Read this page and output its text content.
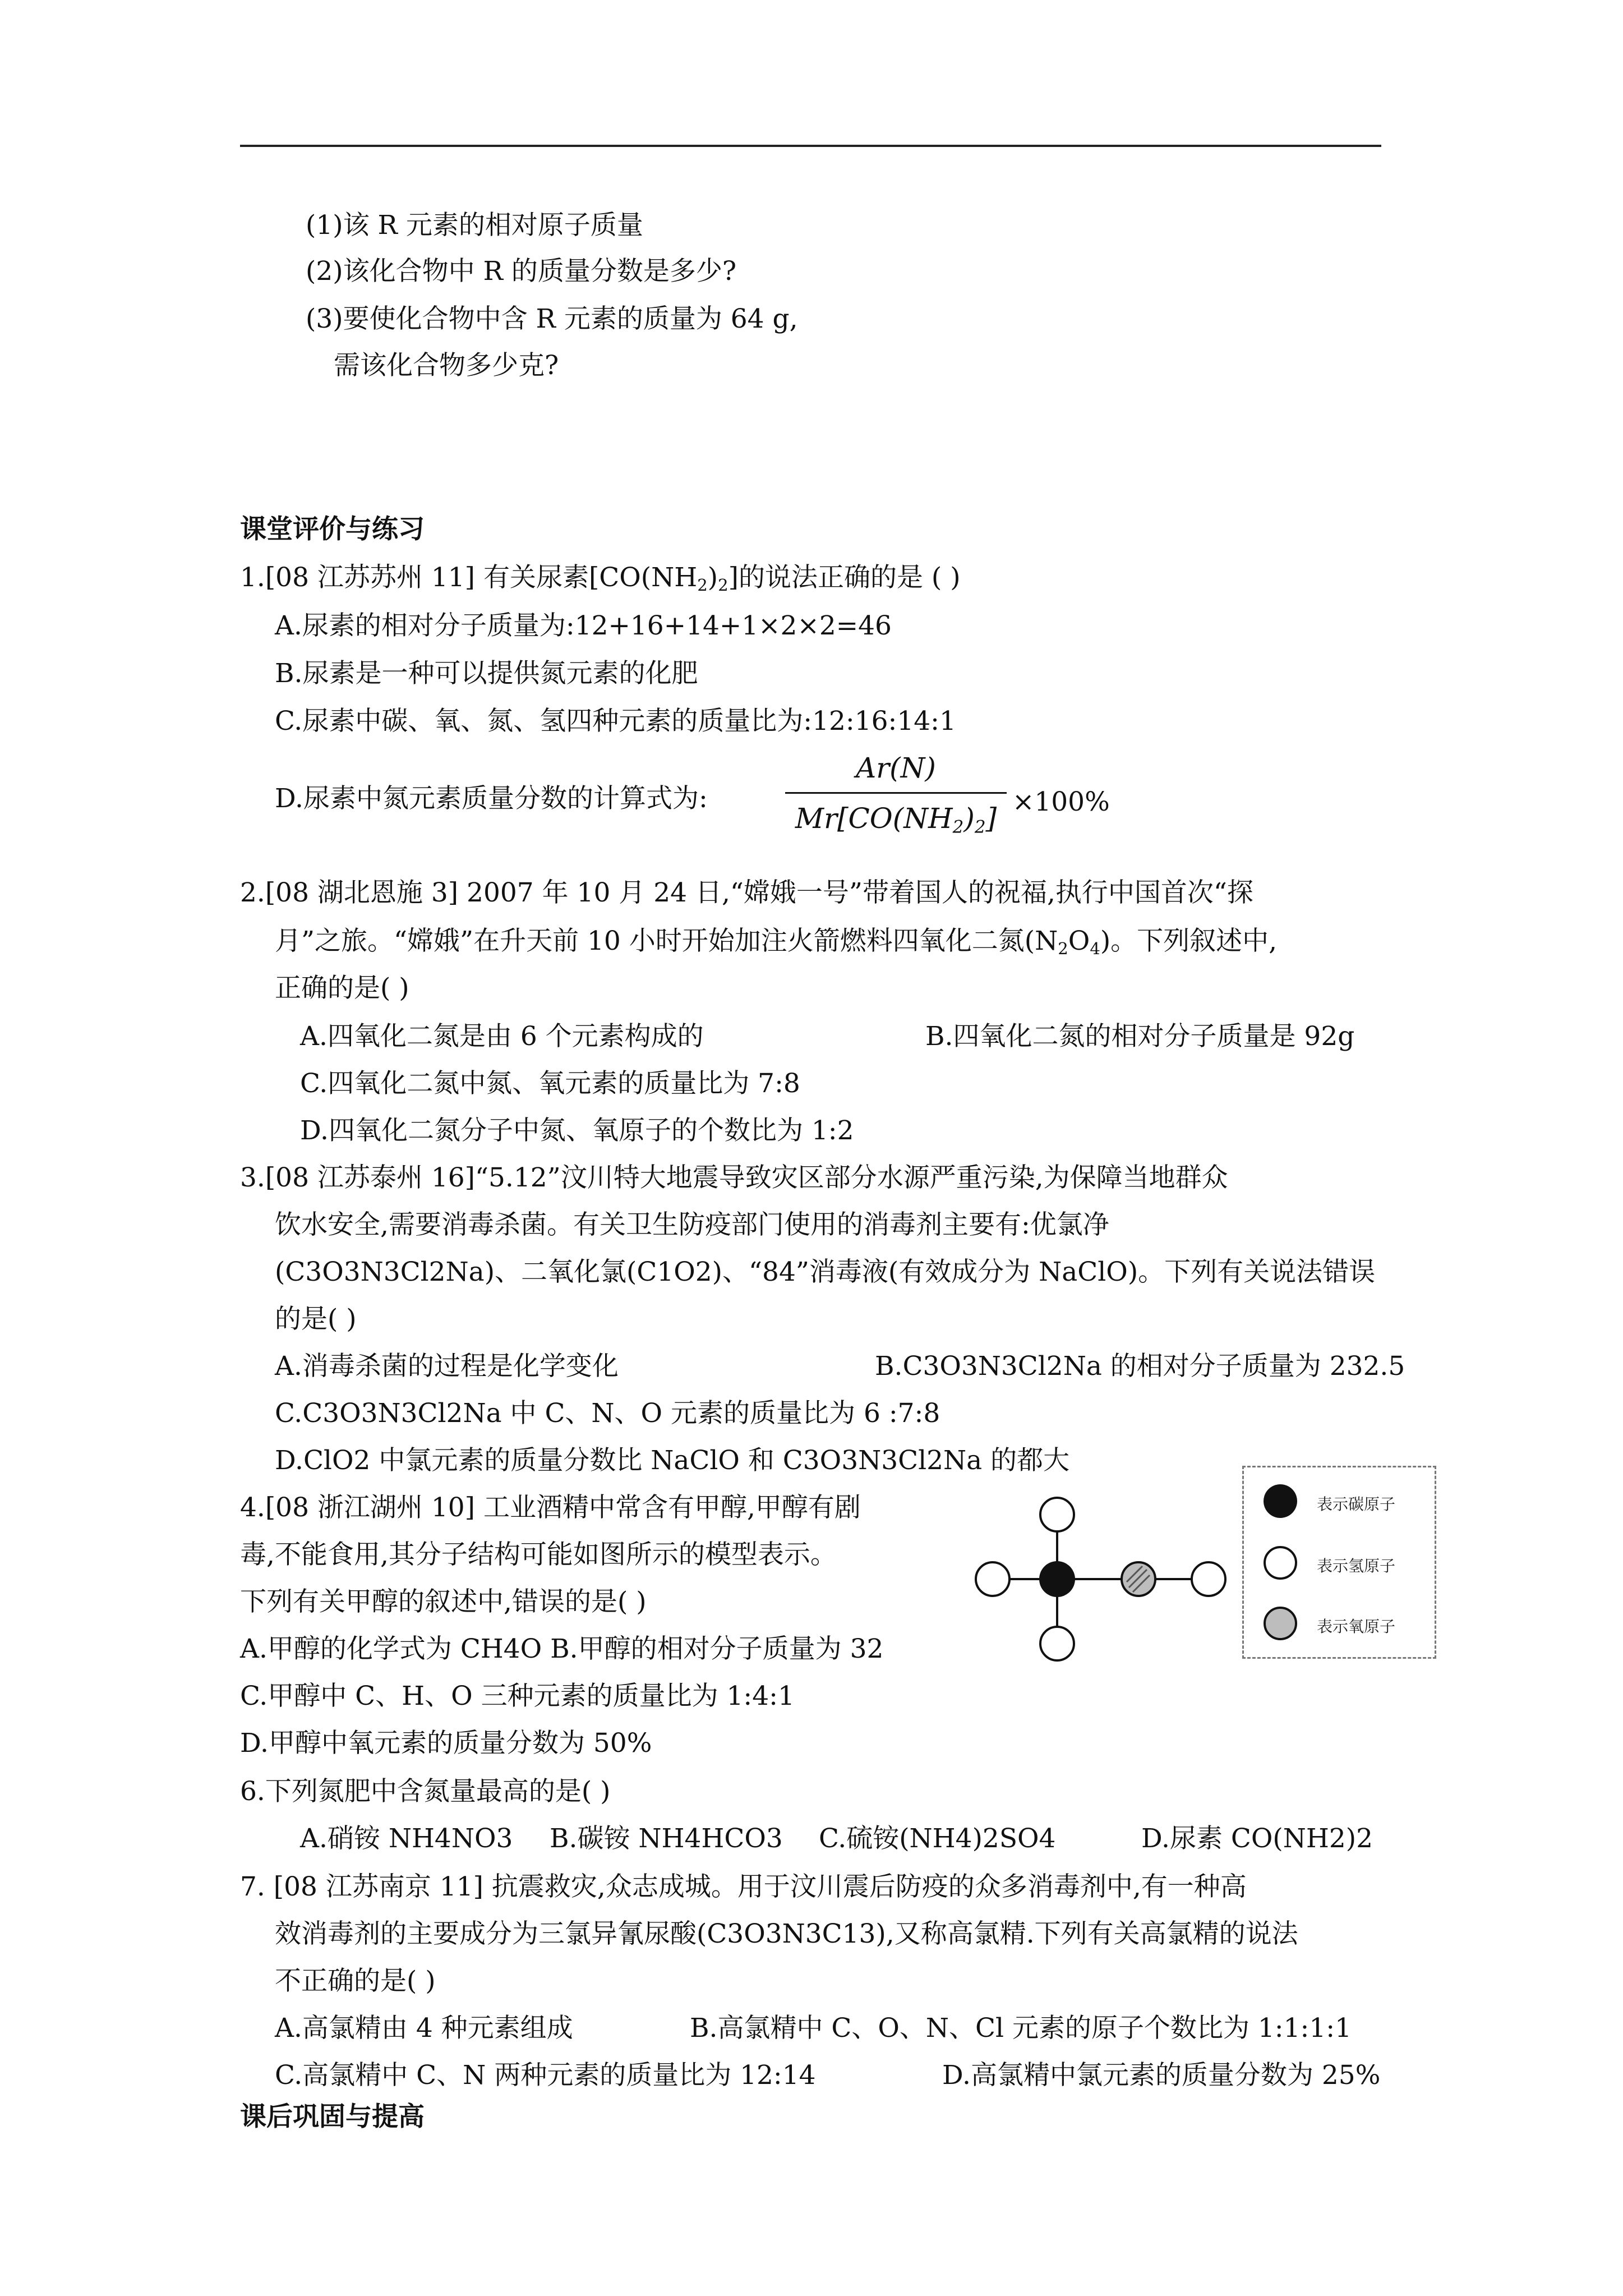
(1)该 R 元素的相对原子质量
(2)该化合物中 R 的质量分数是多少?
(3)要使化合物中含 R 元素的质量为 64 g,
需该化合物多少克?
课堂评价与练习
1.[08 江苏苏州 11] 有关尿素$[CO(NH_2)_2]$的说法正确的是 ( )
A.尿素的相对分子质量为:12+16+14+1×2×2=46
B.尿素是一种可以提供氮元素的化肥
C.尿素中碳、氧、氮、氢四种元素的质量比为:12:16:14:1
D.尿素中氮元素质量分数的计算式为:
Ar(N)
$Mr[CO(NH_2)_2]$
×100%
2.[08 湖北恩施 3] 2007 年 10 月 24 日,“嫦娥一号”带着国人的祝福,执行中国首次“探
月”之旅。“嫦娥”在升天前 10 小时开始加注火箭燃料四氧化二氮$(N_2O_4)$。下列叙述中,
正确的是( )
A.四氧化二氮是由 6 个元素构成的	B.四氧化二氮的相对分子质量是 92g
C.四氧化二氮中氮、氧元素的质量比为 7:8
D.四氧化二氮分子中氮、氧原子的个数比为 1:2
3.[08 江苏泰州 16]“5.12”汶川特大地震导致灾区部分水源严重污染,为保障当地群众
饮水安全,需要消毒杀菌。有关卫生防疫部门使用的消毒剂主要有:优氯净
(C3O3N3Cl2Na)、二氧化氯(C1O2)、“84”消毒液(有效成分为 NaClO)。下列有关说法错误
的是( )
A.消毒杀菌的过程是化学变化	B.C3O3N3Cl2Na 的相对分子质量为 232.5
C.C3O3N3Cl2Na 中 C、N、O 元素的质量比为 6 :7:8
D.ClO2 中氯元素的质量分数比 NaClO 和 C3O3N3Cl2Na 的都大
4.[08 浙江湖州 10] 工业酒精中常含有甲醇,甲醇有剧
毒,不能食用,其分子结构可能如图所示的模型表示。
下列有关甲醇的叙述中,错误的是( )
A.甲醇的化学式为 CH4O B.甲醇的相对分子质量为 32
C.甲醇中 C、H、O 三种元素的质量比为 1:4:1
D.甲醇中氧元素的质量分数为 50%
表示碳原子
表示氢原子
表示氧原子
6.下列氮肥中含氮量最高的是( )
A.硝铵 NH4NO3 B.碳铵 NH4HCO3 C.硫铵(NH4)2SO4	D.尿素 CO(NH2)2
7. [08 江苏南京 11] 抗震救灾,众志成城。用于汶川震后防疫的众多消毒剂中,有一种高
效消毒剂的主要成分为三氯异氰尿酸(C3O3N3C13),又称高氯精.下列有关高氯精的说法
不正确的是( )
A.高氯精由 4 种元素组成	B.高氯精中 C、O、N、Cl 元素的原子个数比为 1:1:1:1
C.高氯精中 C、N 两种元素的质量比为 12:14	D.高氯精中氯元素的质量分数为 25%
课后巩固与提高
